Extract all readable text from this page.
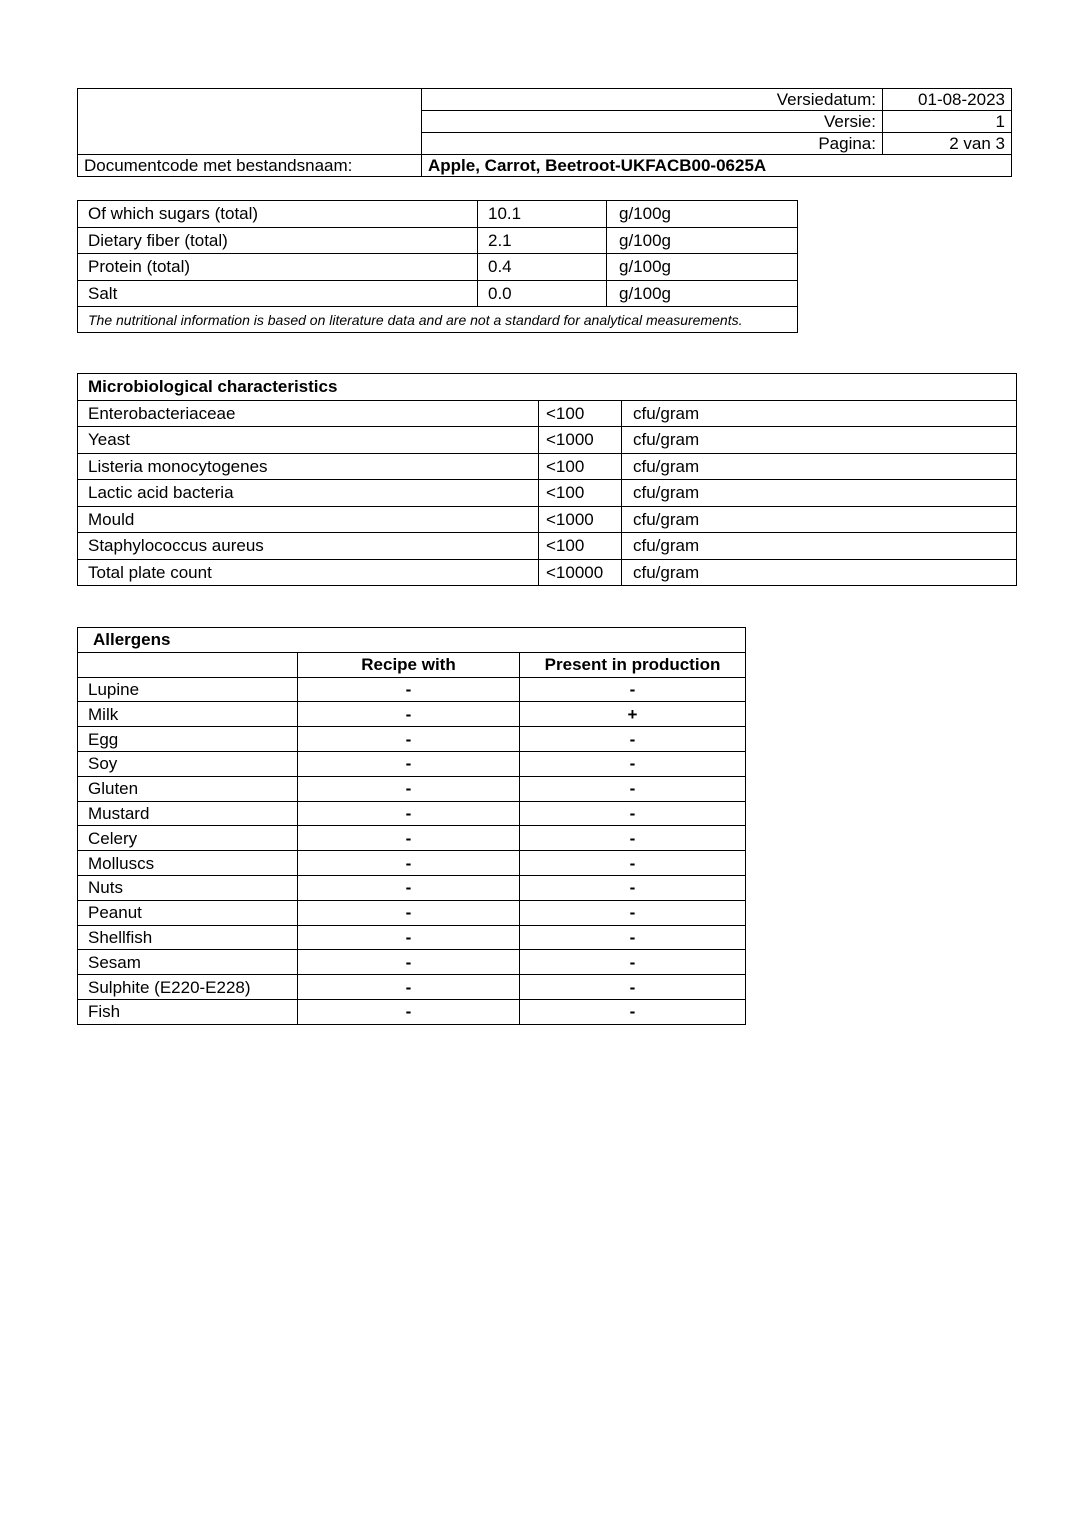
	Versiedatum:	01-08-2023
	Versie:	1
	Pagina:	2 van 3
Documentcode met bestandsnaam:	Apple, Carrot, Beetroot-UKFACB00-0625A	
Of which sugars (total)	10.1	g/100g
Dietary fiber (total)	2.1	g/100g
Protein (total)	0.4	g/100g
Salt	0.0	g/100g
The nutritional information is based on literature data and are not a standard for analytical measurements.		
Microbiological characteristics		
Enterobacteriaceae	<100	cfu/gram
Yeast	<1000	cfu/gram
Listeria monocytogenes	<100	cfu/gram
Lactic acid bacteria	<100	cfu/gram
Mould	<1000	cfu/gram
Staphylococcus aureus	<100	cfu/gram
Total plate count	<10000	cfu/gram
Allergens		
	Recipe with	Present in production
Lupine	-	-
Milk	-	+
Egg	-	-
Soy	-	-
Gluten	-	-
Mustard	-	-
Celery	-	-
Molluscs	-	-
Nuts	-	-
Peanut	-	-
Shellfish	-	-
Sesam	-	-
Sulphite (E220-E228)	-	-
Fish	-	-
